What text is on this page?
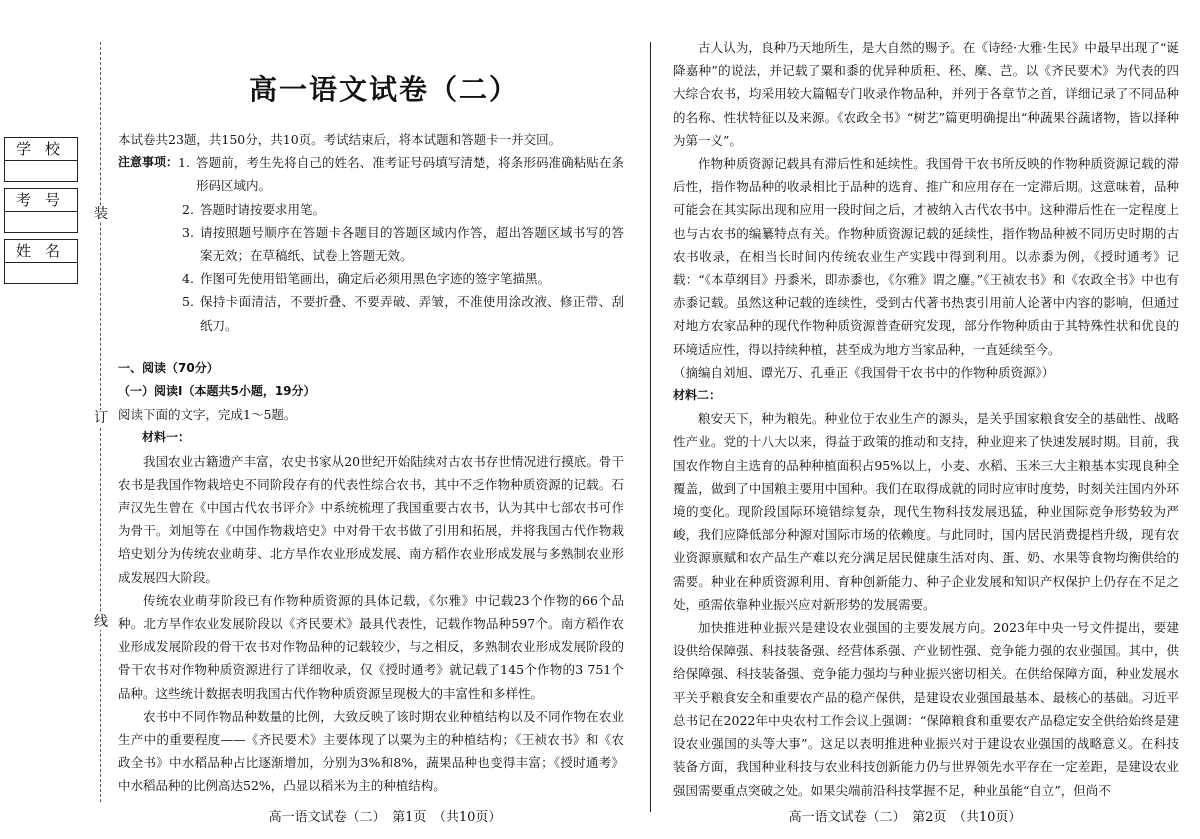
学校
考号
姓名
装
订
线
高一语文试卷（二）

本试卷共23题，共150分，共10页。考试结束后，将本试题和答题卡一并交回。

注意事项： 1. 答题前，考生先将自己的姓名、准考证号码填写清楚，将条形码准确粘贴在条形码区域内。
2. 答题时请按要求用笔。
3. 请按照题号顺序在答题卡各题目的答题区域内作答，超出答题区域书写的答案无效；在草稿纸、试卷上答题无效。
4. 作图可先使用铅笔画出，确定后必须用黑色字迹的签字笔描黑。
5. 保持卡面清洁，不要折叠、不要弄破、弄皱，不准使用涂改液、修正带、刮纸刀。

一、阅读（70分）

（一）阅读Ⅰ（本题共5小题，19分）

阅读下面的文字，完成1～5题。

材料一：

我国农业古籍遗产丰富，农史书家从20世纪开始陆续对古农书存世情况进行摸底。骨干农书是我国作物栽培史不同阶段存有的代表性综合农书，其中不乏作物种质资源的记载。石声汉先生曾在《中国古代农书评介》中系统梳理了我国重要古农书，认为其中七部农书可作为骨干。刘旭等在《中国作物栽培史》中对骨干农书做了引用和拓展，并将我国古代作物栽培史划分为传统农业萌芽、北方旱作农业形成发展、南方稻作农业形成发展与多熟制农业形成发展四大阶段。

传统农业萌芽阶段已有作物种质资源的具体记载，《尔雅》中记载23个作物的66个品种。北方旱作农业发展阶段以《齐民要术》最具代表性，记载作物品种597个。南方稻作农业形成发展阶段的骨干农书对作物品种的记载较少，与之相反，多熟制农业形成发展阶段的骨干农书对作物种质资源进行了详细收录，仅《授时通考》就记载了145个作物的3 751个品种。这些统计数据表明我国古代作物种质资源呈现极大的丰富性和多样性。

农书中不同作物品种数量的比例，大致反映了该时期农业种植结构以及不同作物在农业生产中的重要程度——《齐民要术》主要体现了以粟为主的种植结构；《王祯农书》和《农政全书》中水稻品种占比逐渐增加，分别为3%和8%，蔬果品种也变得丰富；《授时通考》中水稻品种的比例高达52%，凸显以稻米为主的种植结构。

古人认为，良种乃天地所生，是大自然的赐予。在《诗经·大雅·生民》中最早出现了“诞降嘉种”的说法，并记载了粟和黍的优异种质秬、秠、穈、芑。以《齐民要术》为代表的四大综合农书，均采用较大篇幅专门收录作物品种，并列于各章节之首，详细记录了不同品种的名称、性状特征以及来源。《农政全书》“树艺”篇更明确提出“种蔬果谷蔬诸物，皆以择种为第一义”。

作物种质资源记载具有滞后性和延续性。我国骨干农书所反映的作物种质资源记载的滞后性，指作物品种的收录相比于品种的选育、推广和应用存在一定滞后期。这意味着，品种可能会在其实际出现和应用一段时间之后，才被纳入古代农书中。这种滞后性在一定程度上也与古农书的编纂特点有关。作物种质资源记载的延续性，指作物品种被不同历史时期的古农书收录，在相当长时间内传统农业生产实践中得到利用。以赤黍为例，《授时通考》记载：“《本草纲目》丹黍米，即赤黍也，《尔雅》谓之鏖。”《王祯农书》和《农政全书》中也有赤黍记载。虽然这种记载的连续性，受到古代著书热衷引用前人论著中内容的影响，但通过对地方农家品种的现代作物种质资源普查研究发现，部分作物种质由于其特殊性状和优良的环境适应性，得以持续种植，甚至成为地方当家品种，一直延续至今。

（摘编自刘旭、谭光万、孔垂正《我国骨干农书中的作物种质资源》）

材料二：

粮安天下，种为粮先。种业位于农业生产的源头，是关乎国家粮食安全的基础性、战略性产业。党的十八大以来，得益于政策的推动和支持，种业迎来了快速发展时期。目前，我国农作物自主选育的品种种植面积占95%以上，小麦、水稻、玉米三大主粮基本实现良种全覆盖，做到了中国粮主要用中国种。我们在取得成就的同时应审时度势，时刻关注国内外环境的变化。现阶段国际环境错综复杂，现代生物科技发展迅猛，种业国际竞争形势较为严峻，我们应降低部分种源对国际市场的依赖度。与此同时，国内居民消费提档升级，现有农业资源禀赋和农产品生产难以充分满足居民健康生活对肉、蛋、奶、水果等食物均衡供给的需要。种业在种质资源利用、育种创新能力、种子企业发展和知识产权保护上仍存在不足之处，亟需依靠种业振兴应对新形势的发展需要。

加快推进种业振兴是建设农业强国的主要发展方向。2023年中央一号文件提出，要建设供给保障强、科技装备强、经营体系强、产业韧性强、竞争能力强的农业强国。其中，供给保障强、科技装备强、竞争能力强均与种业振兴密切相关。在供给保障方面，种业发展水平关乎粮食安全和重要农产品的稳产保供，是建设农业强国最基本、最核心的基础。习近平总书记在2022年中央农村工作会议上强调：“保障粮食和重要农产品稳定安全供给始终是建设农业强国的头等大事”。这足以表明推进种业振兴对于建设农业强国的战略意义。在科技装备方面，我国种业科技与农业科技创新能力仍与世界领先水平存在一定差距，是建设农业强国需要重点突破之处。如果尖端前沿科技掌握不足，种业虽能“自立”，但尚不

高一语文试卷（二）　第1页　（共10页）	高一语文试卷（二）　第2页　（共10页）
